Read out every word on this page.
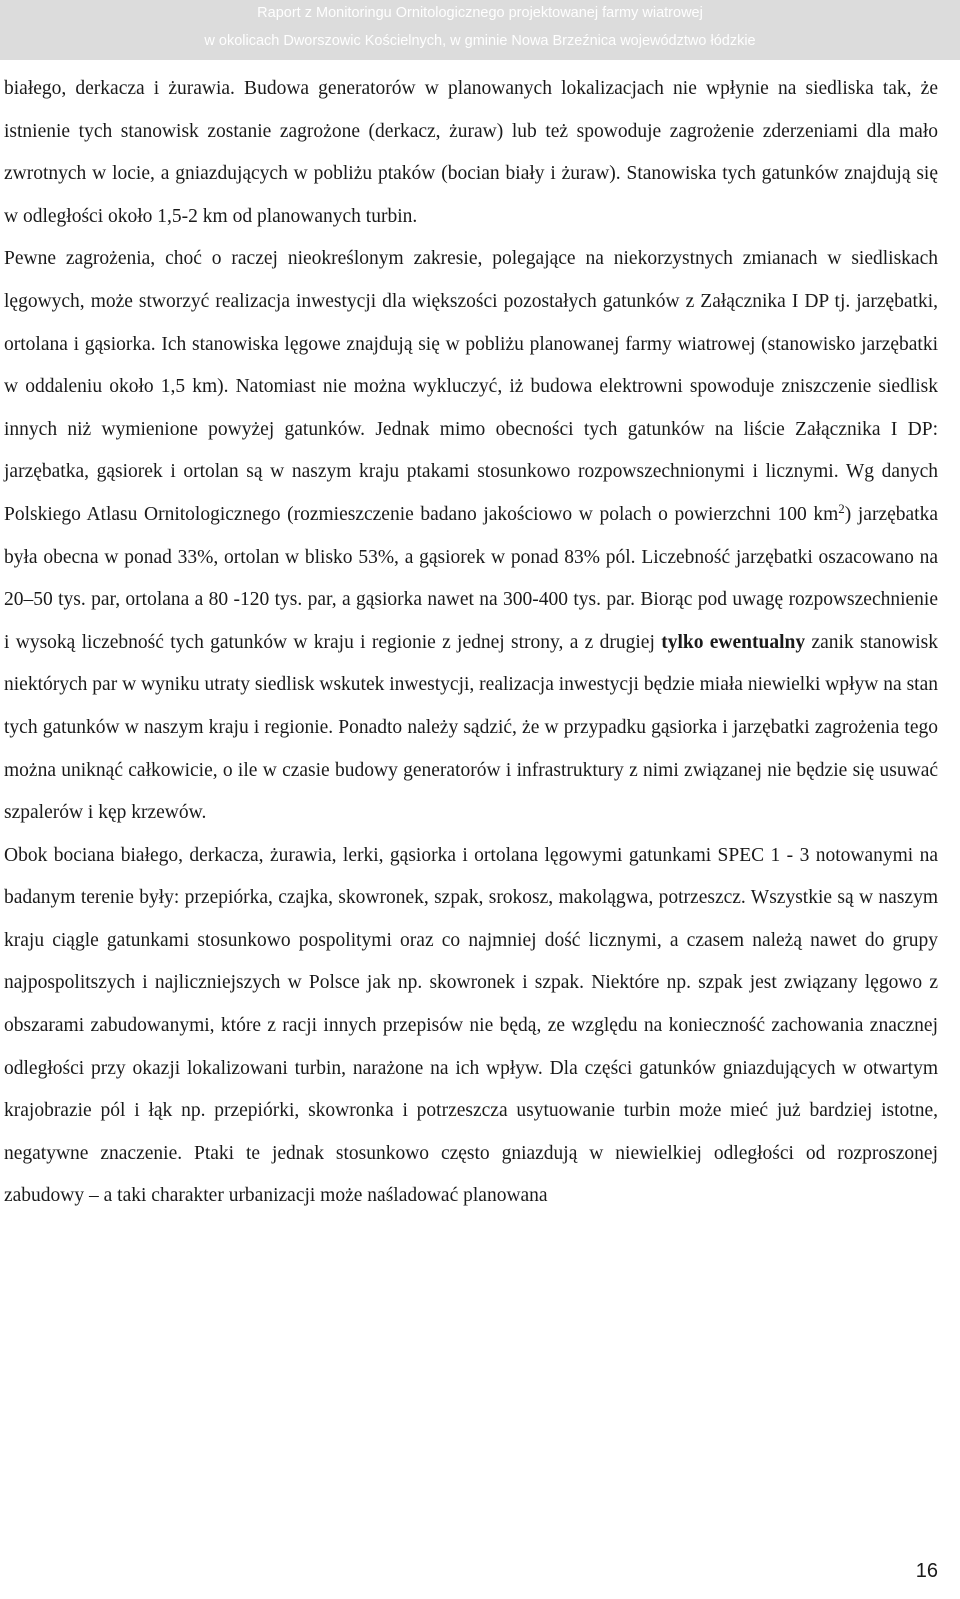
Raport z Monitoringu Ornitologicznego projektowanej farmy wiatrowej
w okolicach Dworszowic Kościelnych, w gminie Nowa Brzeźnica województwo łódzkie

białego, derkacza i żurawia. Budowa generatorów w planowanych lokalizacjach nie wpłynie na siedliska tak, że istnienie tych stanowisk zostanie zagrożone (derkacz, żuraw) lub też spowoduje zagrożenie zderzeniami dla mało zwrotnych w locie, a gniazdujących w pobliżu ptaków (bocian biały i żuraw). Stanowiska tych gatunków znajdują się w odległości około 1,5-2 km od planowanych turbin.

Pewne zagrożenia, choć o raczej nieokreślonym zakresie, polegające na niekorzystnych zmianach w siedliskach lęgowych, może stworzyć realizacja inwestycji dla większości pozostałych gatunków z Załącznika I DP tj. jarzębatki, ortolana i gąsiorka. Ich stanowiska lęgowe znajdują się w pobliżu planowanej farmy wiatrowej (stanowisko jarzębatki w oddaleniu około 1,5 km). Natomiast nie można wykluczyć, iż budowa elektrowni spowoduje zniszczenie siedlisk innych niż wymienione powyżej gatunków. Jednak mimo obecności tych gatunków na liście Załącznika I DP: jarzębatka, gąsiorek i ortolan są w naszym kraju ptakami stosunkowo rozpowszechnionymi i licznymi. Wg danych Polskiego Atlasu Ornitologicznego (rozmieszczenie badano jakościowo w polach o powierzchni 100 $km^2$) jarzębatka była obecna w ponad 33%, ortolan w blisko 53%, a gąsiorek w ponad 83% pól. Liczebność jarzębatki oszacowano na 20–50 tys. par, ortolana a 80 -120 tys. par, a gąsiorka nawet na 300-400 tys. par. Biorąc pod uwagę rozpowszechnienie i wysoką liczebność tych gatunków w kraju i regionie z jednej strony, a z drugiej tylko ewentualny zanik stanowisk niektórych par w wyniku utraty siedlisk wskutek inwestycji, realizacja inwestycji będzie miała niewielki wpływ na stan tych gatunków w naszym kraju i regionie. Ponadto należy sądzić, że w przypadku gąsiorka i jarzębatki zagrożenia tego można uniknąć całkowicie, o ile w czasie budowy generatorów i infrastruktury z nimi związanej nie będzie się usuwać szpalerów i kęp krzewów.

Obok bociana białego, derkacza, żurawia, lerki, gąsiorka i ortolana lęgowymi gatunkami SPEC 1 - 3 notowanymi na badanym terenie były: przepiórka, czajka, skowronek, szpak, srokosz, makolągwa, potrzeszcz. Wszystkie są w naszym kraju ciągle gatunkami stosunkowo pospolitymi oraz co najmniej dość licznymi, a czasem należą nawet do grupy najpospolitszych i najliczniejszych w Polsce jak np. skowronek i szpak. Niektóre np. szpak jest związany lęgowo z obszarami zabudowanymi, które z racji innych przepisów nie będą, ze względu na konieczność zachowania znacznej odległości przy okazji lokalizowani turbin, narażone na ich wpływ. Dla części gatunków gniazdujących w otwartym krajobrazie pól i łąk np. przepiórki, skowronka i potrzeszcza usytuowanie turbin może mieć już bardziej istotne, negatywne znaczenie. Ptaki te jednak stosunkowo często gniazdują w niewielkiej odległości od rozproszonej zabudowy – a taki charakter urbanizacji może naśladować planowana

16
